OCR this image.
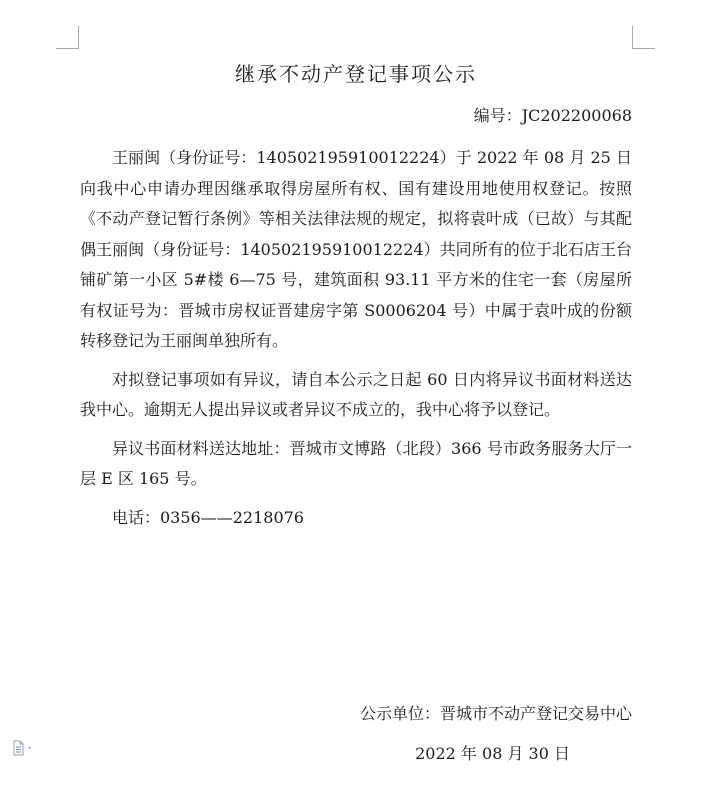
继承不动产登记事项公示
编号：JC202200068

王丽闽（身份证号：140502195910012224）于 2022 年 08 月 25 日向我中心申请办理因继承取得房屋所有权、国有建设用地使用权登记。按照《不动产登记暂行条例》等相关法律法规的规定，拟将袁叶成（已故）与其配偶王丽闽（身份证号：140502195910012224）共同所有的位于北石店王台铺矿第一小区 5#楼 6—75 号，建筑面积 93.11 平方米的住宅一套（房屋所有权证号为：晋城市房权证晋建房字第 S0006204 号）中属于袁叶成的份额转移登记为王丽闽单独所有。

对拟登记事项如有异议，请自本公示之日起 60 日内将异议书面材料送达我中心。逾期无人提出异议或者异议不成立的，我中心将予以登记。

异议书面材料送达地址：晋城市文博路（北段）366 号市政务服务大厅一层 E 区 165 号。

电话：0356——2218076

公示单位：晋城市不动产登记交易中心
2022 年 08 月 30 日
